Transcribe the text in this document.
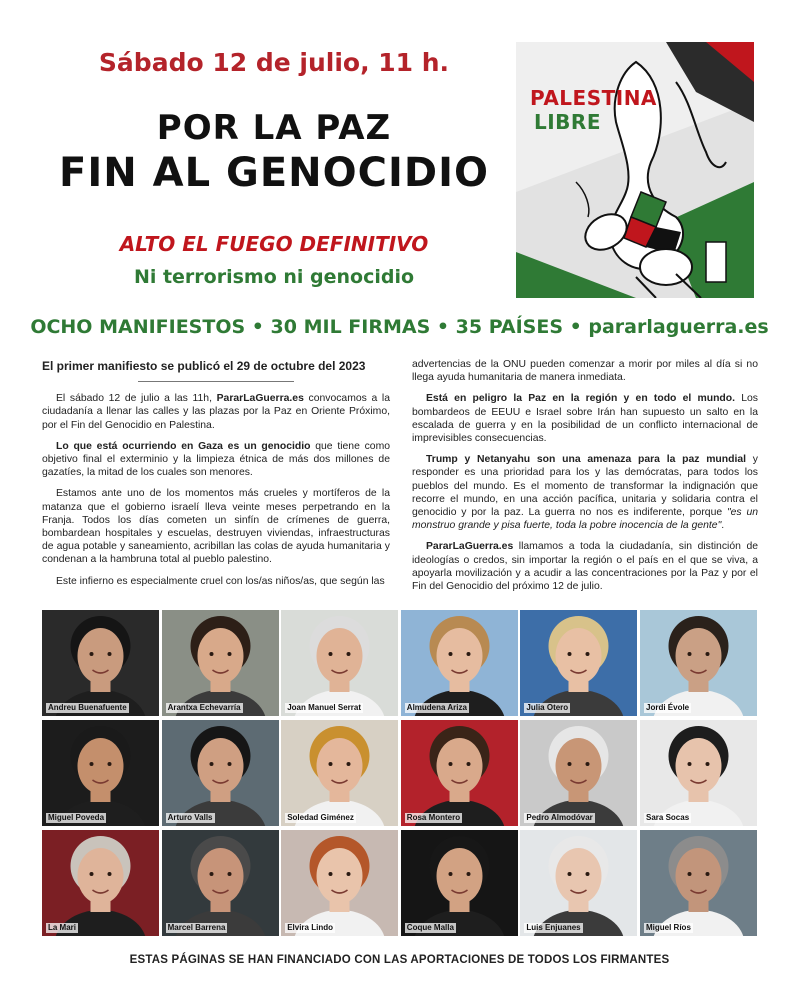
Sábado 12 de julio, 11 h.
POR LA PAZ
FIN AL GENOCIDIO
ALTO EL FUEGO DEFINITIVO
Ni terrorismo ni genocidio
PALESTINA
LIBRE
OCHO MANIFIESTOS • 30 MIL FIRMAS • 35 PAÍSES • pararlaguerra.es

El primer manifiesto se publicó el 29 de octubre del 2023

El sábado 12 de julio a las 11h, PararLaGuerra.es convocamos a la ciudadanía a llenar las calles y las plazas por la Paz en Oriente Próximo, por el Fin del Genocidio en Palestina.

Lo que está ocurriendo en Gaza es un genocidio que tiene como objetivo final el exterminio y la limpieza étnica de más dos millones de gazatíes, la mitad de los cuales son menores.

Estamos ante uno de los momentos más crueles y mortíferos de la matanza que el gobierno israelí lleva veinte meses perpetrando en la Franja. Todos los días cometen un sinfín de crímenes de guerra, bombardean hospitales y escuelas, destruyen viviendas, infraestructuras de agua potable y saneamiento, acribillan las colas de ayuda humanitaria y condenan a la hambruna total al pueblo palestino.

Este infierno es especialmente cruel con los/as niños/as, que según las

advertencias de la ONU pueden comenzar a morir por miles al día si no llega ayuda humanitaria de manera inmediata.

Está en peligro la Paz en la región y en todo el mundo. Los bombardeos de EEUU e Israel sobre Irán han supuesto un salto en la escalada de guerra y en la posibilidad de un conflicto internacional de imprevisibles consecuencias.

Trump y Netanyahu son una amenaza para la paz mundial y responder es una prioridad para los y las demócratas, para todos los pueblos del mundo. Es el momento de transformar la indignación que recorre el mundo, en una acción pacífica, unitaria y solidaria contra el genocidio y por la paz. La guerra no nos es indiferente, porque "es un monstruo grande y pisa fuerte, toda la pobre inocencia de la gente".

PararLaGuerra.es llamamos a toda la ciudadanía, sin distinción de ideologías o credos, sin importar la región o el país en el que se viva, a apoyarla movilización y a acudir a las concentraciones por la Paz y por el Fin del Genocidio del próximo 12 de julio.

Andreu Buenafuente	Arantxa Echevarría	Joan Manuel Serrat	Almudena Ariza	Julia Otero	Jordi Évole
Miguel Poveda	Arturo Valls	Soledad Giménez	Rosa Montero	Pedro Almodóvar	Sara Socas
La Mari	Marcel Barrena	Elvira Lindo	Coque Malla	Luis Enjuanes	Miguel Ríos
ESTAS PÁGINAS SE HAN FINANCIADO CON LAS APORTACIONES DE TODOS LOS FIRMANTES
